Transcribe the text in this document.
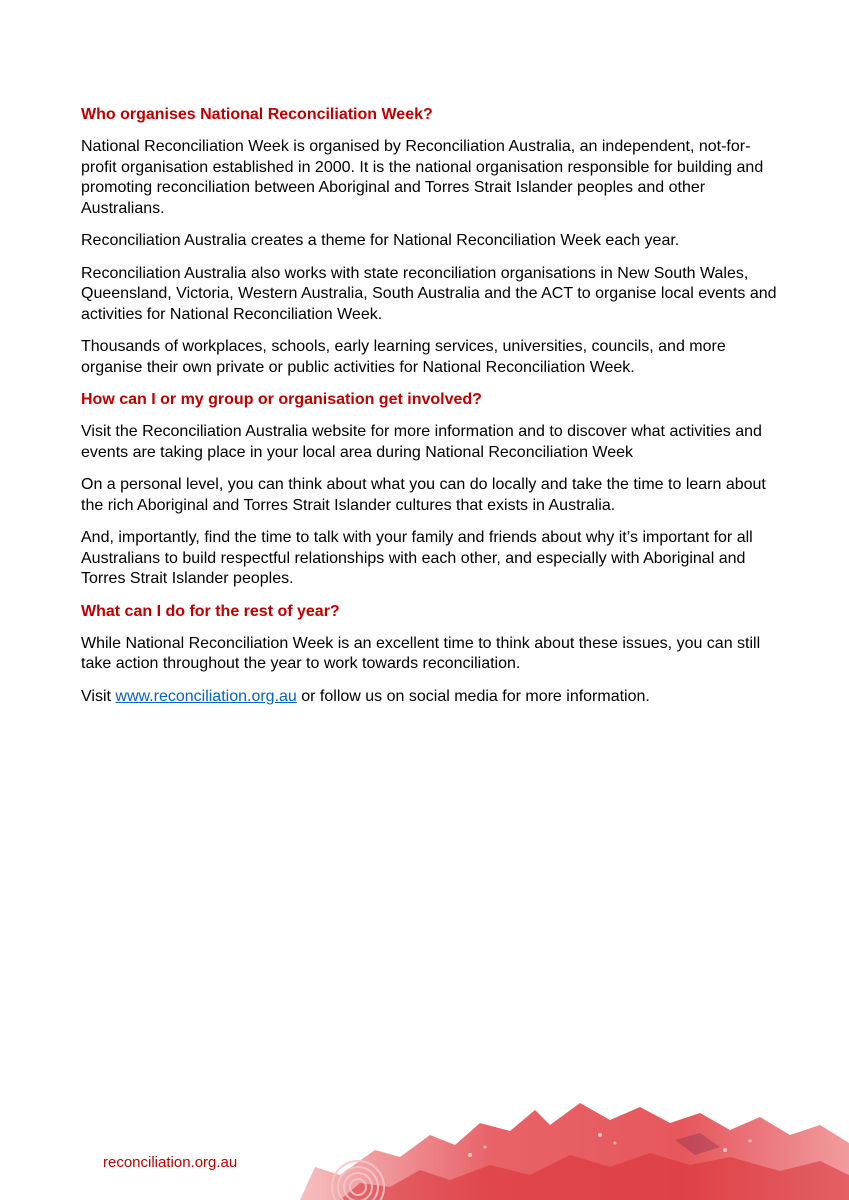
Who organises National Reconciliation Week?
National Reconciliation Week is organised by Reconciliation Australia, an independent, not-for-profit organisation established in 2000. It is the national organisation responsible for building and promoting reconciliation between Aboriginal and Torres Strait Islander peoples and other Australians.
Reconciliation Australia creates a theme for National Reconciliation Week each year.
Reconciliation Australia also works with state reconciliation organisations in New South Wales, Queensland, Victoria, Western Australia, South Australia and the ACT to organise local events and activities for National Reconciliation Week.
Thousands of workplaces, schools, early learning services, universities, councils, and more organise their own private or public activities for National Reconciliation Week.
How can I or my group or organisation get involved?
Visit the Reconciliation Australia website for more information and to discover what activities and events are taking place in your local area during National Reconciliation Week
On a personal level, you can think about what you can do locally and take the time to learn about the rich Aboriginal and Torres Strait Islander cultures that exists in Australia.
And, importantly, find the time to talk with your family and friends about why it’s important for all Australians to build respectful relationships with each other, and especially with Aboriginal and Torres Strait Islander peoples.
What can I do for the rest of year?
While National Reconciliation Week is an excellent time to think about these issues, you can still take action throughout the year to work towards reconciliation.
Visit www.reconciliation.org.au or follow us on social media for more information.
reconciliation.org.au
